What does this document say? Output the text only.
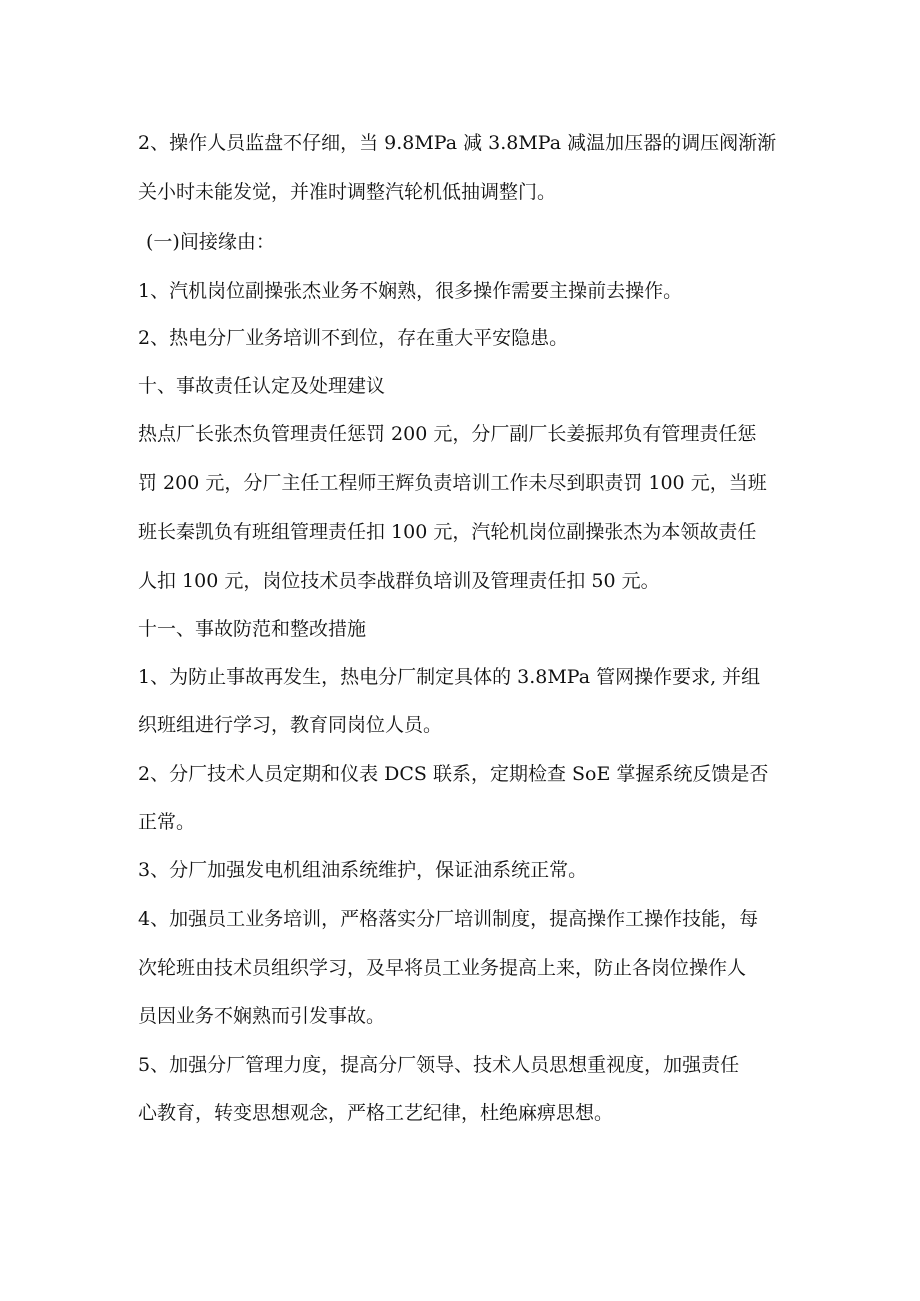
2、操作人员监盘不仔细，当 9.8MPa 减 3.8MPa 减温加压器的调压阀渐渐

关小时未能发觉，并准时调整汽轮机低抽调整门。

(一)间接缘由：

1、汽机岗位副操张杰业务不娴熟，很多操作需要主操前去操作。

2、热电分厂业务培训不到位，存在重大平安隐患。

十、事故责任认定及处理建议

热点厂长张杰负管理责任惩罚 200 元，分厂副厂长姜振邦负有管理责任惩

罚 200 元，分厂主任工程师王辉负责培训工作未尽到职责罚 100 元，当班

班长秦凯负有班组管理责任扣 100 元，汽轮机岗位副操张杰为本领故责任

人扣 100 元，岗位技术员李战群负培训及管理责任扣 50 元。

十一、事故防范和整改措施

1、为防止事故再发生，热电分厂制定具体的 3.8MPa 管网操作要求, 并组

织班组进行学习，教育同岗位人员。

2、分厂技术人员定期和仪表 DCS 联系，定期检查 SoE 掌握系统反馈是否

正常。

3、分厂加强发电机组油系统维护，保证油系统正常。

4、加强员工业务培训，严格落实分厂培训制度，提高操作工操作技能，每

次轮班由技术员组织学习，及早将员工业务提高上来，防止各岗位操作人

员因业务不娴熟而引发事故。

5、加强分厂管理力度，提高分厂领导、技术人员思想重视度，加强责任

心教育，转变思想观念，严格工艺纪律，杜绝麻痹思想。
